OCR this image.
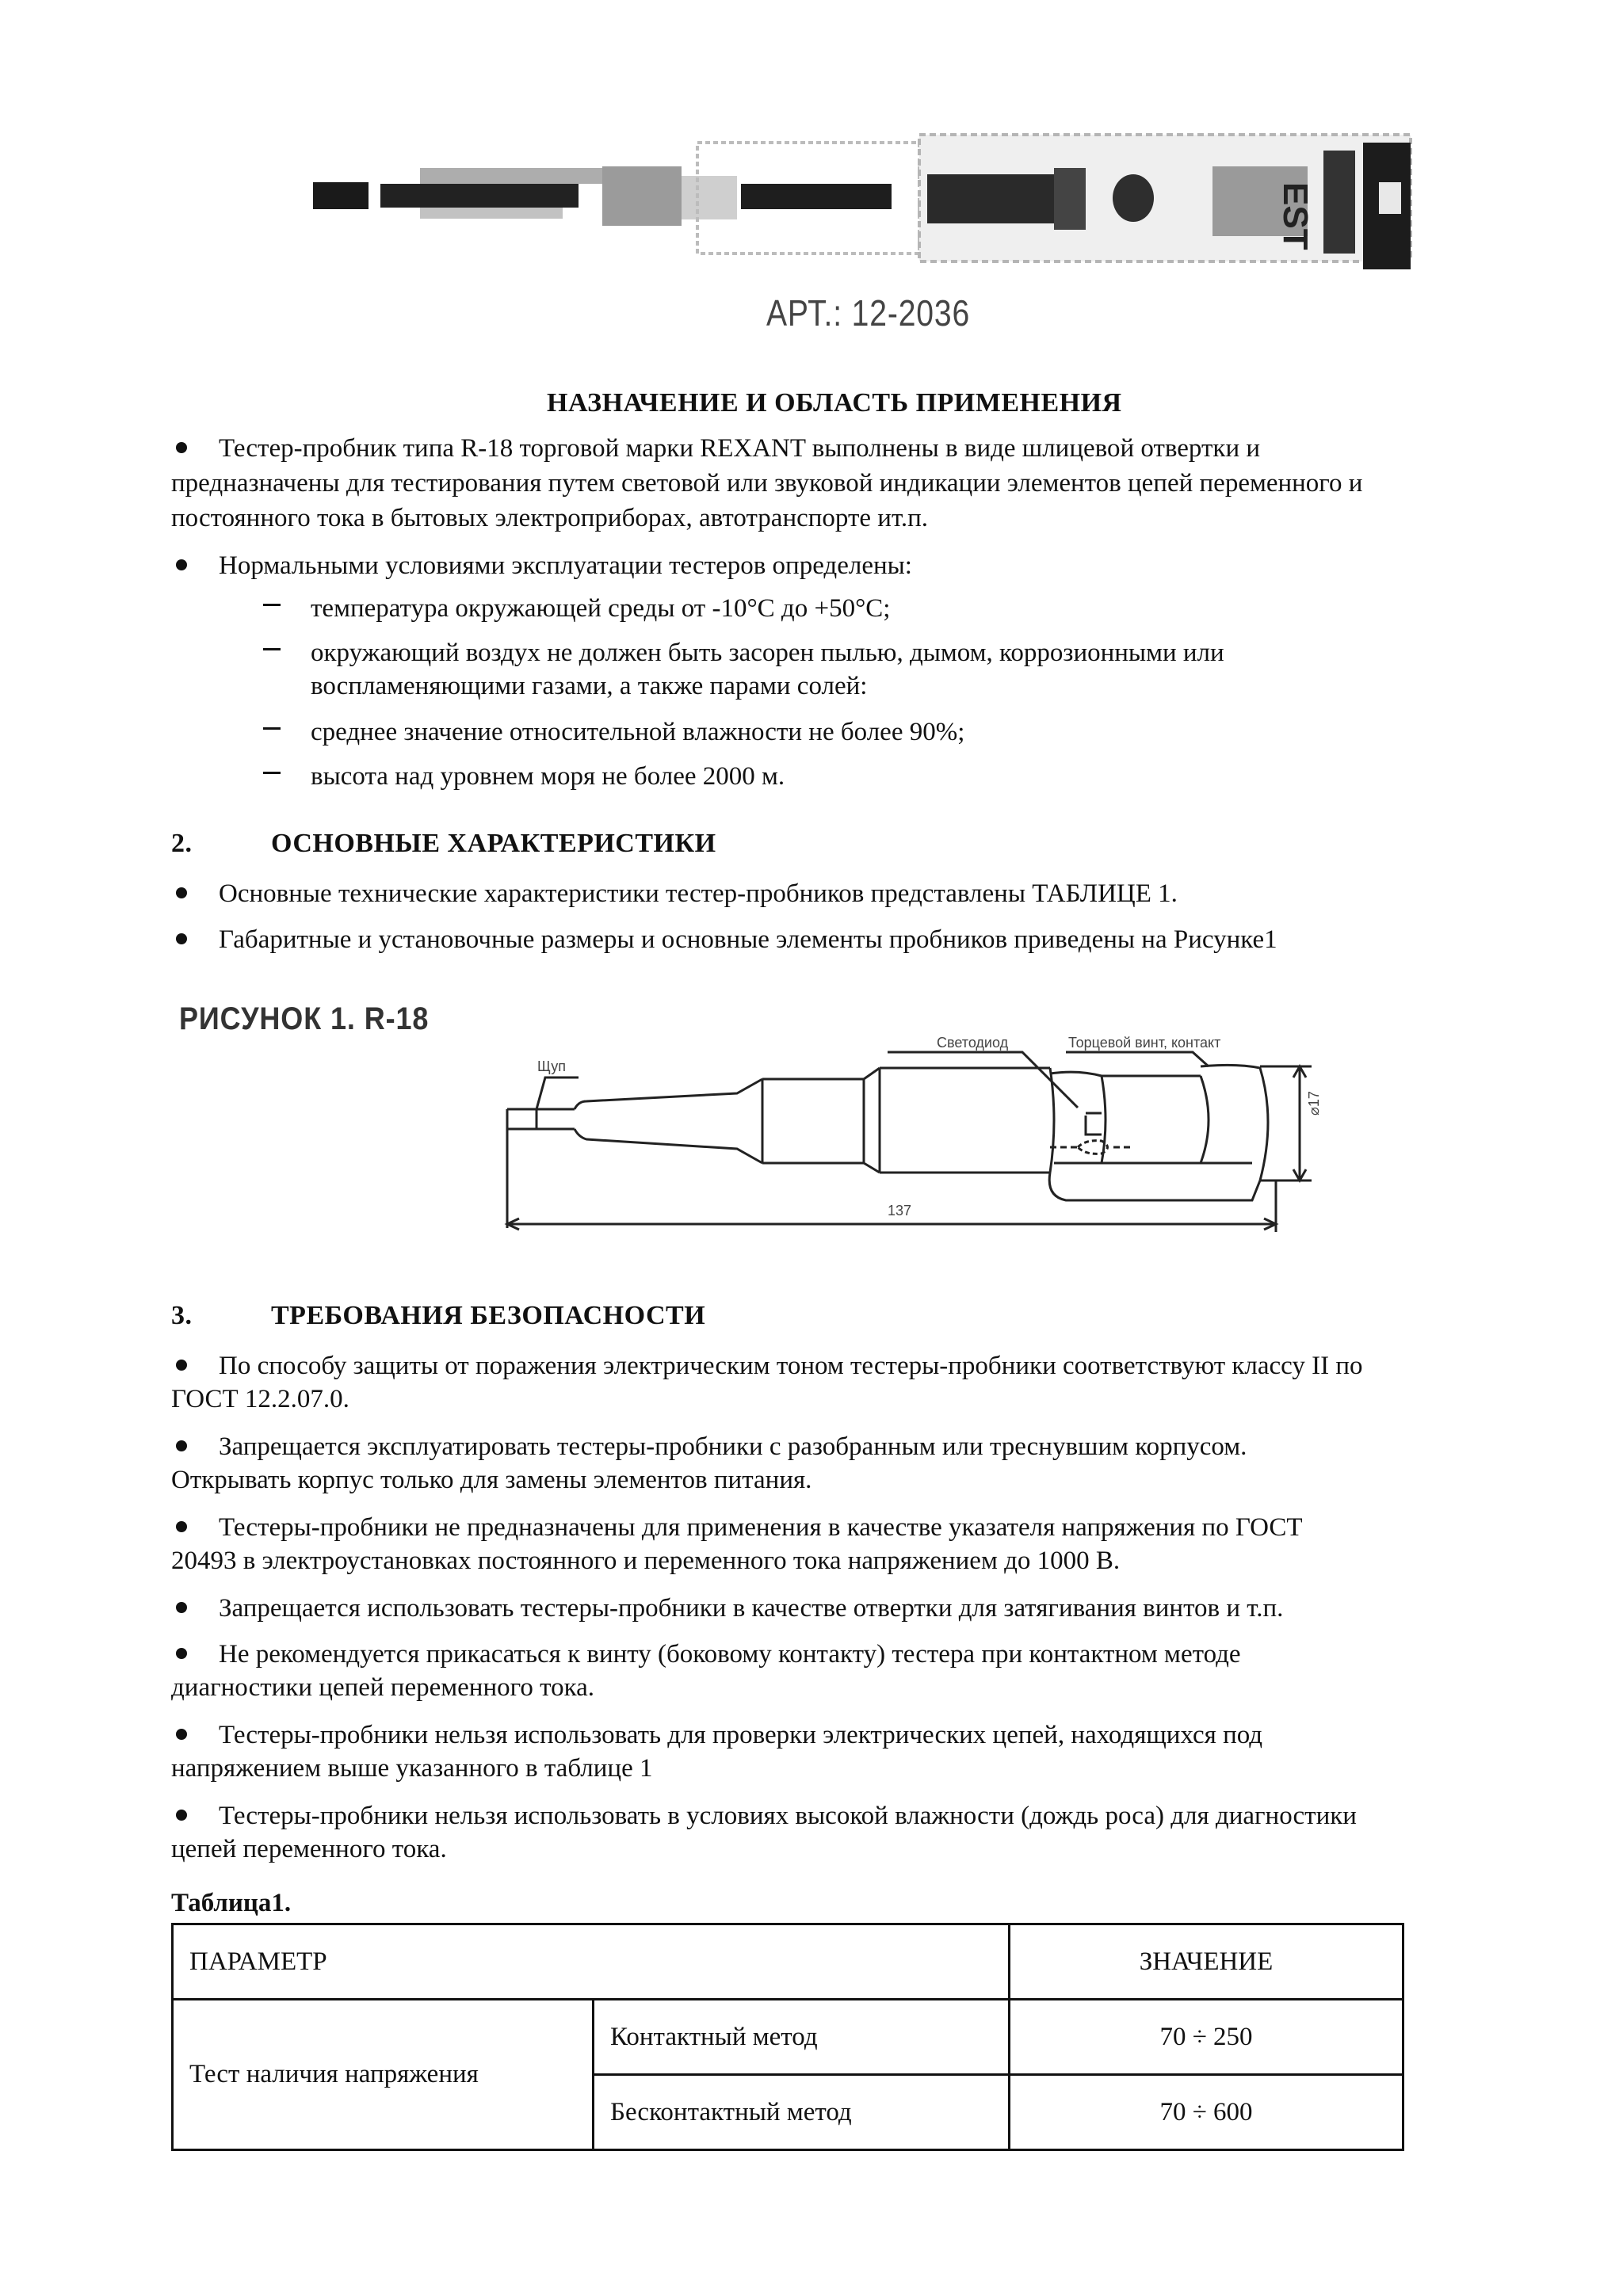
EST
АРТ.: 12-2036
НАЗНАЧЕНИЕ И ОБЛАСТЬ ПРИМЕНЕНИЯ
Тестер-пробник типа R-18 торговой марки REXANT выполнены в виде шлицевой отвертки и
предназначены для тестирования путем световой или звуковой индикации элементов цепей переменного и
постоянного тока в бытовых электроприборах, автотранспорте ит.п.
Нормальными условиями эксплуатации тестеров определены:
температура окружающей среды от -10°С до +50°С;
окружающий воздух не должен быть засорен пылью, дымом, коррозионными или
воспламеняющими газами, а также парами солей:
среднее значение относительной влажности не более 90%;
высота над уровнем моря не более 2000 м.
2.	ОСНОВНЫЕ ХАРАКТЕРИСТИКИ
Основные технические характеристики тестер-пробников представлены ТАБЛИЦЕ 1.
Габаритные и установочные размеры и основные элементы пробников приведены на Рисунке1
РИСУНОК 1. R-18
Щуп
Светодиод	Торцевой винт, контакт
137
⌀17
3.	ТРЕБОВАНИЯ БЕЗОПАСНОСТИ
По способу защиты от поражения электрическим тоном тестеры-пробники соответствуют классу II по
ГОСТ 12.2.07.0.
Запрещается эксплуатировать тестеры-пробники с разобранным или треснувшим корпусом.
Открывать корпус только для замены элементов питания.
Тестеры-пробники не предназначены для применения в качестве указателя напряжения по ГОСТ
20493 в электроустановках постоянного и переменного тока напряжением до 1000 В.
Запрещается использовать тестеры-пробники в качестве отвертки для затягивания винтов и т.п.
Не рекомендуется прикасаться к винту (боковому контакту) тестера при контактном методе
диагностики цепей переменного тока.
Тестеры-пробники нельзя использовать для проверки электрических цепей, находящихся под
напряжением выше указанного в таблице 1
Тестеры-пробники нельзя использовать в условиях высокой влажности (дождь роса) для диагностики
цепей переменного тока.
Таблица1.
ПАРАМЕТР		ЗНАЧЕНИЕ
Тест наличия напряжения	Контактный метод	70 ÷ 250
	Бесконтактный метод	70 ÷ 600
